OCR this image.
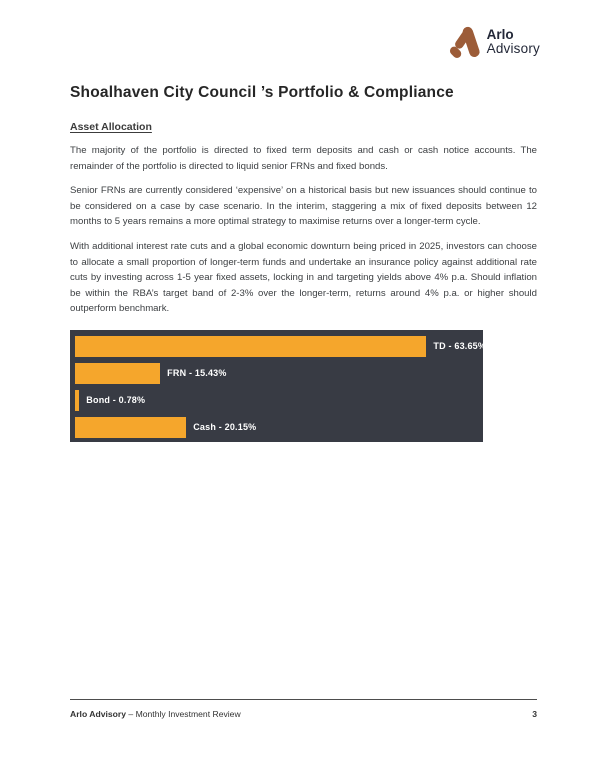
Arlo
Advisory
Shoalhaven City Council ’s Portfolio & Compliance
Asset Allocation

The majority of the portfolio is directed to fixed term deposits and cash or cash notice accounts. The remainder of the portfolio is directed to liquid senior FRNs and fixed bonds.

Senior FRNs are currently considered ‘expensive’ on a historical basis but new issuances should continue to be considered on a case by case scenario. In the interim, staggering a mix of fixed deposits between 12 months to 5 years remains a more optimal strategy to maximise returns over a longer-term cycle.

With additional interest rate cuts and a global economic downturn being priced in 2025, investors can choose to allocate a small proportion of longer-term funds and undertake an insurance policy against additional rate cuts by investing across 1-5 year fixed assets, locking in and targeting yields above 4% p.a. Should inflation be within the RBA’s target band of 2-3% over the longer-term, returns around 4% p.a. or higher should outperform benchmark.

TD - 63.65%
FRN - 15.43%
Bond - 0.78%
Cash - 20.15%
Arlo Advisory – Monthly Investment Review	3
